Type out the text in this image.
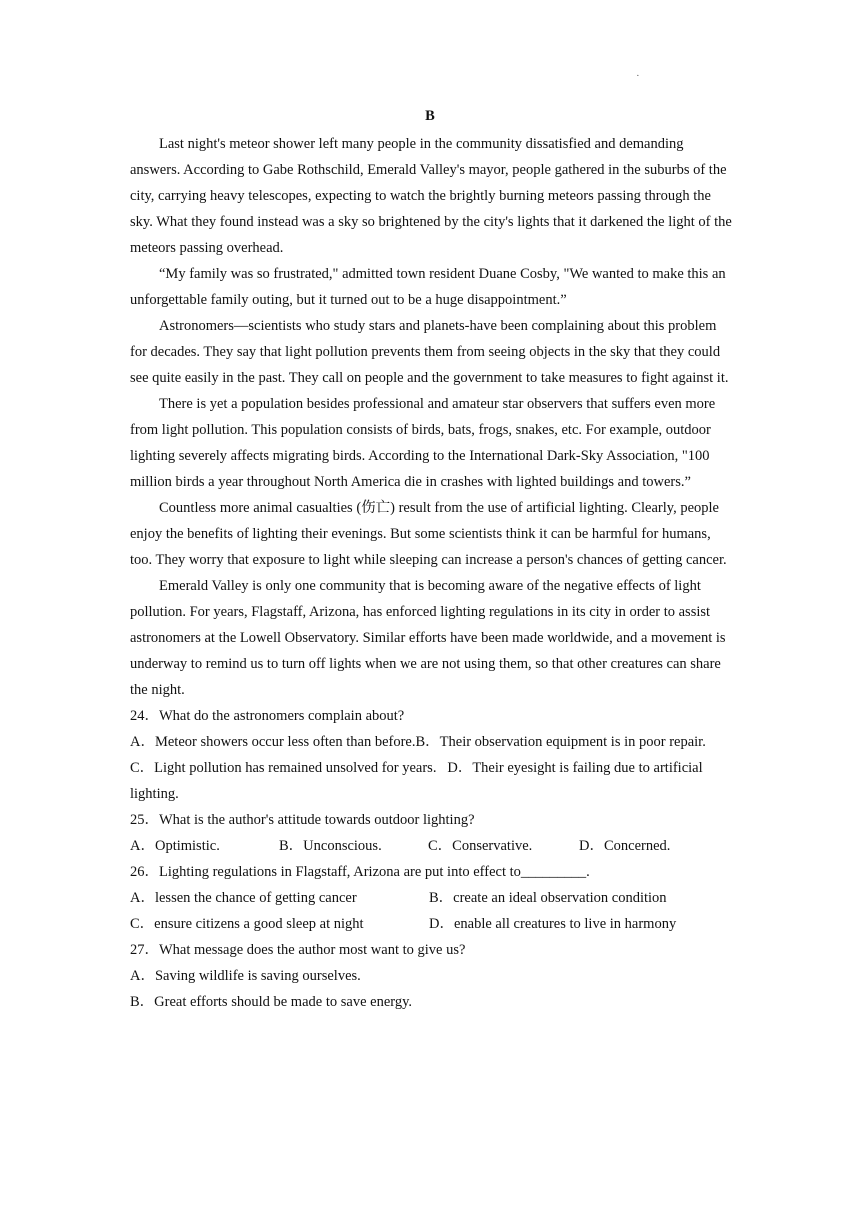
·
B

Last night's meteor shower left many people in the community dissatisfied and demanding answers. According to Gabe Rothschild, Emerald Valley's mayor, people gathered in the suburbs of the city, carrying heavy telescopes, expecting to watch the brightly burning meteors passing through the sky. What they found instead was a sky so brightened by the city's lights that it darkened the light of the meteors passing overhead.

“My family was so frustrated," admitted town resident Duane Cosby, "We wanted to make this an unforgettable family outing, but it turned out to be a huge disappointment.”

Astronomers—scientists who study stars and planets-have been complaining about this problem for decades. They say that light pollution prevents them from seeing objects in the sky that they could see quite easily in the past. They call on people and the government to take measures to fight against it.

There is yet a population besides professional and amateur star observers that suffers even more from light pollution. This population consists of birds, bats, frogs, snakes, etc. For example, outdoor lighting severely affects migrating birds. According to the International Dark-Sky Association, "100 million birds a year throughout North America die in crashes with lighted buildings and towers.”

Countless more animal casualties (伤亡) result from the use of artificial lighting. Clearly, people enjoy the benefits of lighting their evenings. But some scientists think it can be harmful for humans, too. They worry that exposure to light while sleeping can increase a person's chances of getting cancer.

Emerald Valley is only one community that is becoming aware of the negative effects of light pollution. For years, Flagstaff, Arizona, has enforced lighting regulations in its city in order to assist astronomers at the Lowell Observatory. Similar efforts have been made worldwide, and a movement is underway to remind us to turn off lights when we are not using them, so that other creatures can share the night.

24．What do the astronomers complain about?

A．Meteor showers occur less often than before.B．Their observation equipment is in poor repair.

C．Light pollution has remained unsolved for years. D．Their eyesight is failing due to artificial lighting.

25．What is the author's attitude towards outdoor lighting?

A．Optimistic.	B．Unconscious.	C．Conservative.	D．Concerned.

26．Lighting regulations in Flagstaff, Arizona are put into effect to_________.

A．lessen the chance of getting cancer	B．create an ideal observation condition
C．ensure citizens a good sleep at night	D．enable all creatures to live in harmony

27．What message does the author most want to give us?

A．Saving wildlife is saving ourselves.

B．Great efforts should be made to save energy.
